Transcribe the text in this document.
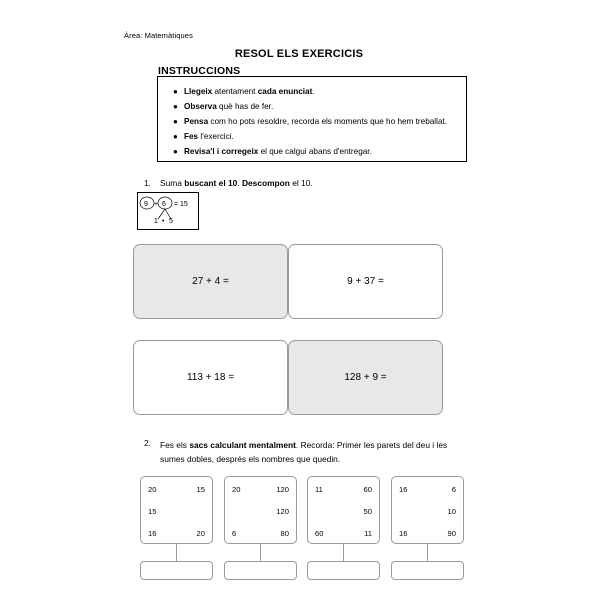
Àrea: Matemàtiques
RESOL ELS EXERCICIS
INSTRUCCIONS
● Llegeix atentament cada enunciat.
● Observa què has de fer.
● Pensa com ho pots resoldre, recorda els moments que ho hem treballat.
● Fes l'exercici.
● Revisa'l i corregeix el que calgui abans d'entregar.
1. Suma buscant el 10. Descompon el 10.
9 + 6 = 15
1 • 5
27 + 4 =	9 + 37 =
113 + 18 =	128 + 9 =
2. Fes els sacs calculant mentalment. Recorda: Primer les parets del deu i les sumes dobles, després els nombres que quedin.
20	15
15
16	20
20	120
120
6	80
11	60
50
60	11
16	6
10
16	90
